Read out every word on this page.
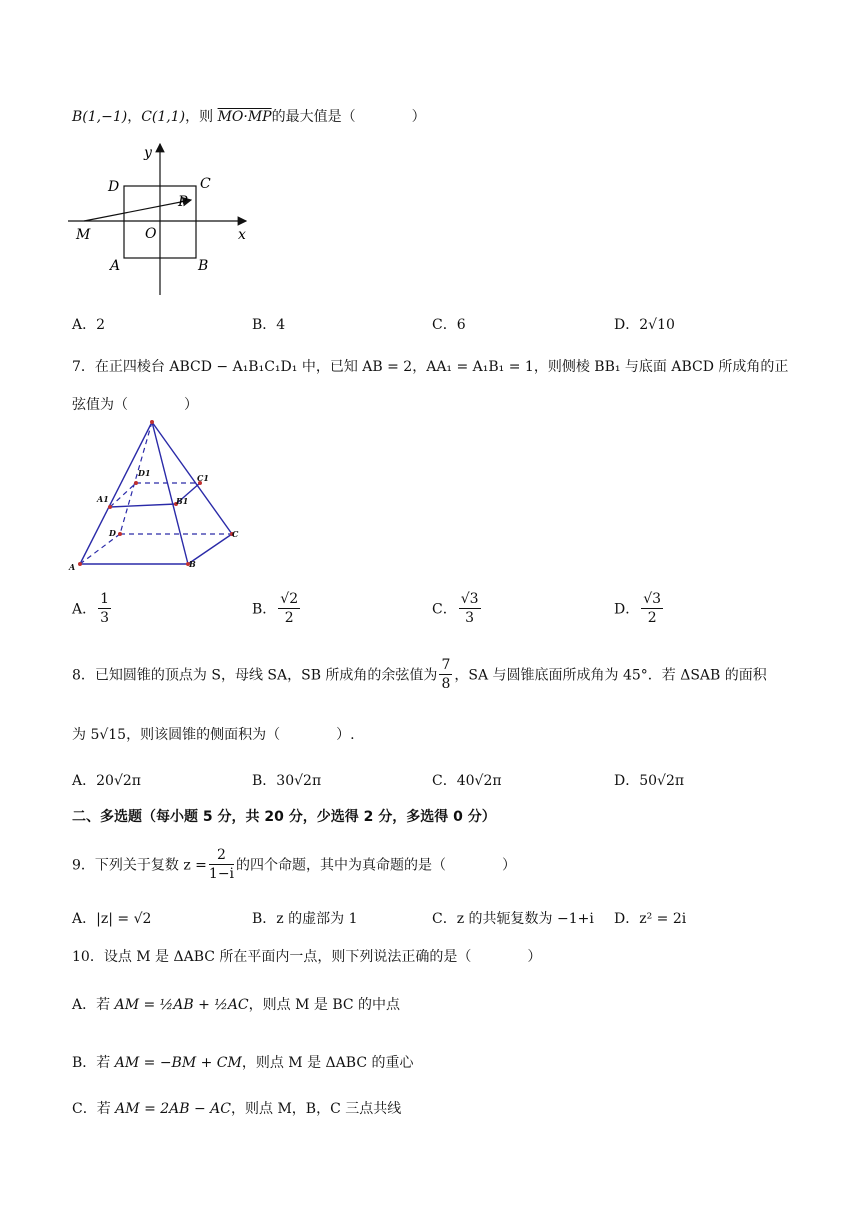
B(1,−1)，C(1,1)，则 MO·MP的最大值是（　　　　）
y
x
D	C
P
M	O
A	B
A．2	B．4	C．6	D．2√10
7．在正四棱台 ABCD − A₁B₁C₁D₁ 中，已知 AB = 2，AA₁ = A₁B₁ = 1，则侧棱 BB₁ 与底面 ABCD 所成角的正
弦值为（　　　　）
D1	C1
A1	B1
D	C
A	B
A． $\frac{1}{3}$	B． $\frac{√2}{2}$	C． $\frac{√3}{3}$	D． $\frac{√3}{2}$
8．已知圆锥的顶点为 S，母线 SA，SB 所成角的余弦值为 $\frac{7}{8}$ ，SA 与圆锥底面所成角为 45°．若 ΔSAB 的面积
为 5√15，则该圆锥的侧面积为（　　　　）.
A．20√2π	B．30√2π	C．40√2π	D．50√2π
二、多选题（每小题 5 分，共 20 分，少选得 2 分，多选得 0 分）
9．下列关于复数 $z = \frac{2}{1-i}$ 的四个命题，其中为真命题的是（　　　　）
A．|z| = √2	B．z 的虚部为 1	C．z 的共轭复数为 −1+i D．z² = 2i
10．设点 M 是 ΔABC 所在平面内一点，则下列说法正确的是（　　　　）
A．若 AM = ½AB + ½AC，则点 M 是 BC 的中点
B．若 AM = −BM + CM，则点 M 是 ΔABC 的重心
C．若 AM = 2AB − AC，则点 M，B，C 三点共线
